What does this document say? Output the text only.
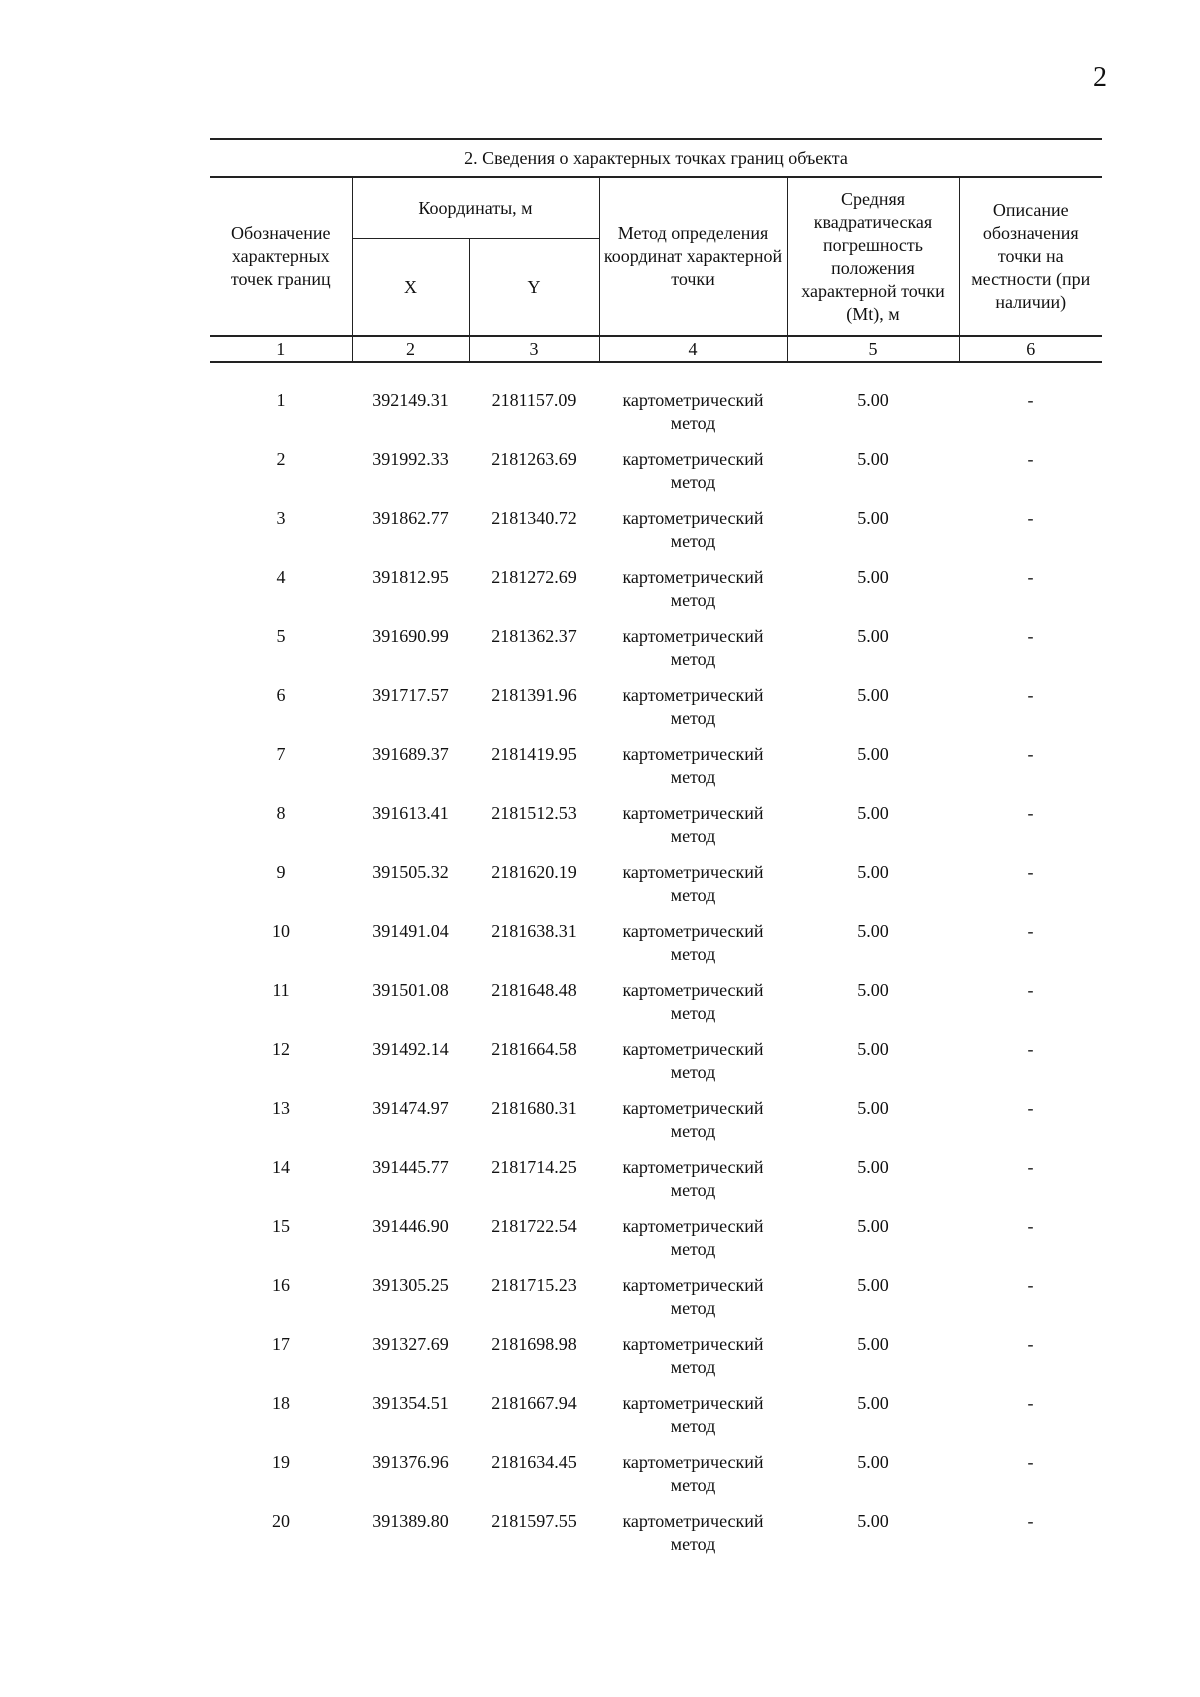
2
2. Сведения о характерных точках границ объекта					
Обозначение характерных точек границ	Координаты, м		Метод определения координат характерной точки	Средняя квадратическая погрешность положения характерной точки (Mt), м	Описание обозначения точки на местности (при наличии)
	X	Y			
1	2	3	4	5	6
1	392149.31	2181157.09	картометрический метод	5.00	-
2	391992.33	2181263.69	картометрический метод	5.00	-
3	391862.77	2181340.72	картометрический метод	5.00	-
4	391812.95	2181272.69	картометрический метод	5.00	-
5	391690.99	2181362.37	картометрический метод	5.00	-
6	391717.57	2181391.96	картометрический метод	5.00	-
7	391689.37	2181419.95	картометрический метод	5.00	-
8	391613.41	2181512.53	картометрический метод	5.00	-
9	391505.32	2181620.19	картометрический метод	5.00	-
10	391491.04	2181638.31	картометрический метод	5.00	-
11	391501.08	2181648.48	картометрический метод	5.00	-
12	391492.14	2181664.58	картометрический метод	5.00	-
13	391474.97	2181680.31	картометрический метод	5.00	-
14	391445.77	2181714.25	картометрический метод	5.00	-
15	391446.90	2181722.54	картометрический метод	5.00	-
16	391305.25	2181715.23	картометрический метод	5.00	-
17	391327.69	2181698.98	картометрический метод	5.00	-
18	391354.51	2181667.94	картометрический метод	5.00	-
19	391376.96	2181634.45	картометрический метод	5.00	-
20	391389.80	2181597.55	картометрический метод	5.00	-
